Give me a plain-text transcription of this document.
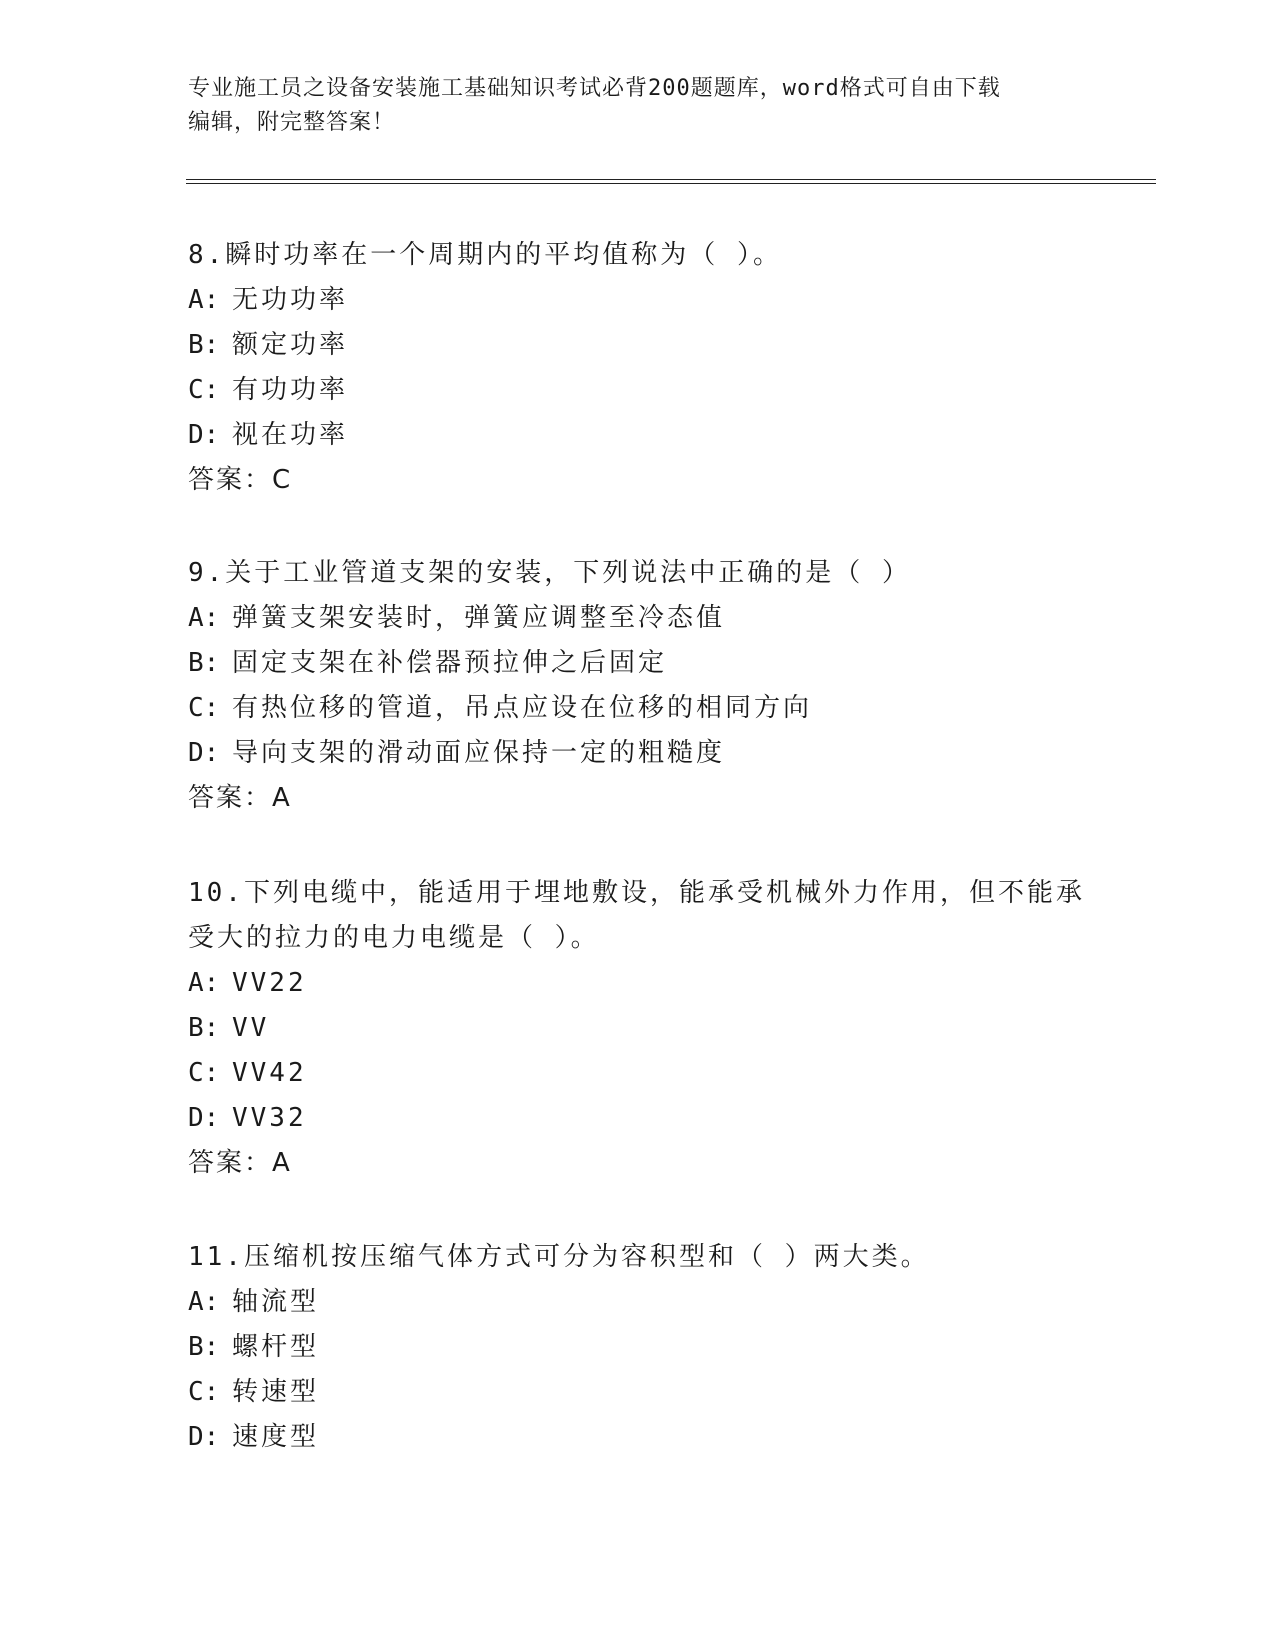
专业施工员之设备安装施工基础知识考试必背200题题库，word格式可自由下载
编辑，附完整答案！
8.瞬时功率在一个周期内的平均值称为（ ）。
A: 无功功率
B: 额定功率
C: 有功功率
D: 视在功率
答案：C
9.关于工业管道支架的安装，下列说法中正确的是（ ）
A: 弹簧支架安装时，弹簧应调整至冷态值
B: 固定支架在补偿器预拉伸之后固定
C: 有热位移的管道，吊点应设在位移的相同方向
D: 导向支架的滑动面应保持一定的粗糙度
答案：A
10.下列电缆中，能适用于埋地敷设，能承受机械外力作用，但不能承
受大的拉力的电力电缆是（ ）。
A: VV22
B: VV
C: VV42
D: VV32
答案：A
11.压缩机按压缩气体方式可分为容积型和（ ）两大类。
A: 轴流型
B: 螺杆型
C: 转速型
D: 速度型
